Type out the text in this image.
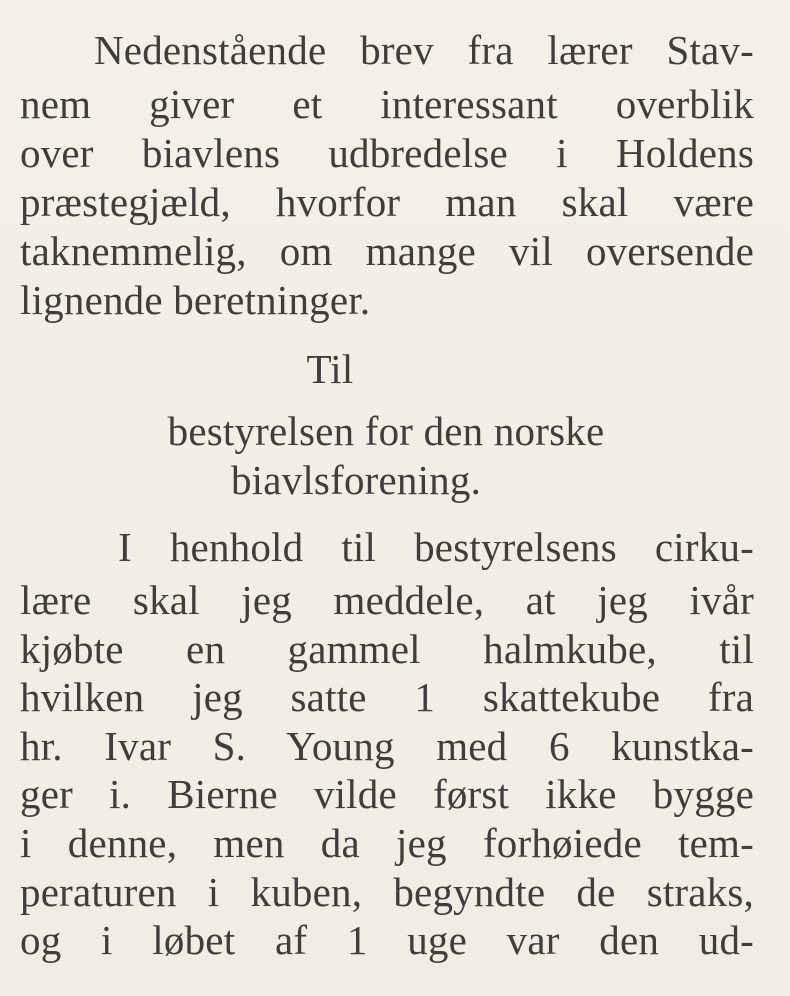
Nedenstående brev fra lærer Stav-
nem giver et interessant overblik
over biavlens udbredelse i Holdens
præstegjæld, hvorfor man skal være
taknemmelig, om mange vil oversende
lignende beretninger.
Til
bestyrelsen for den norske
biavlsforening.
I henhold til bestyrelsens cirku-
lære skal jeg meddele, at jeg ivår
kjøbte en gammel halmkube, til
hvilken jeg satte 1 skattekube fra
hr. Ivar S. Young med 6 kunstka-
ger i. Bierne vilde først ikke bygge
i denne, men da jeg forhøiede tem-
peraturen i kuben, begyndte de straks,
og i løbet af 1 uge var den ud-
